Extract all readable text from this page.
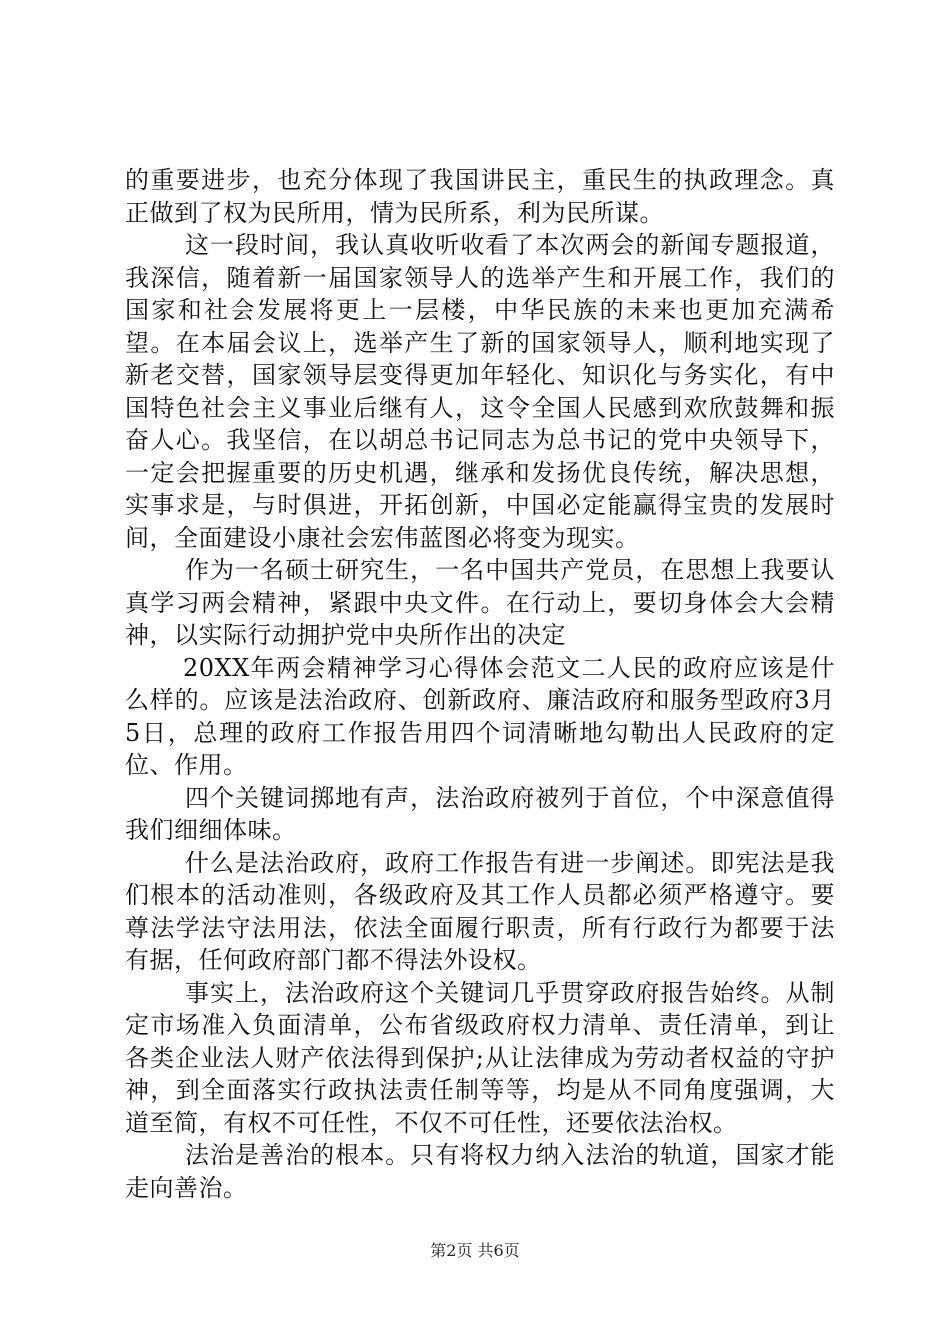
的重要进步，也充分体现了我国讲民主，重民生的执政理念。真正做到了权为民所用，情为民所系，利为民所谋。

这一段时间，我认真收听收看了本次两会的新闻专题报道，我深信，随着新一届国家领导人的选举产生和开展工作，我们的国家和社会发展将更上一层楼，中华民族的未来也更加充满希望。在本届会议上，选举产生了新的国家领导人，顺利地实现了新老交替，国家领导层变得更加年轻化、知识化与务实化，有中国特色社会主义事业后继有人，这令全国人民感到欢欣鼓舞和振奋人心。我坚信，在以胡总书记同志为总书记的党中央领导下，一定会把握重要的历史机遇，继承和发扬优良传统，解决思想，实事求是，与时俱进，开拓创新，中国必定能赢得宝贵的发展时间，全面建设小康社会宏伟蓝图必将变为现实。

作为一名硕士研究生，一名中国共产党员，在思想上我要认真学习两会精神，紧跟中央文件。在行动上，要切身体会大会精神，以实际行动拥护党中央所作出的决定

20XX年两会精神学习心得体会范文二人民的政府应该是什么样的。应该是法治政府、创新政府、廉洁政府和服务型政府3月5日，总理的政府工作报告用四个词清晰地勾勒出人民政府的定位、作用。

四个关键词掷地有声，法治政府被列于首位，个中深意值得我们细细体味。

什么是法治政府，政府工作报告有进一步阐述。即宪法是我们根本的活动准则，各级政府及其工作人员都必须严格遵守。要尊法学法守法用法，依法全面履行职责，所有行政行为都要于法有据，任何政府部门都不得法外设权。

事实上，法治政府这个关键词几乎贯穿政府报告始终。从制定市场准入负面清单，公布省级政府权力清单、责任清单，到让各类企业法人财产依法得到保护;从让法律成为劳动者权益的守护神，到全面落实行政执法责任制等等，均是从不同角度强调，大道至简，有权不可任性，不仅不可任性，还要依法治权。

法治是善治的根本。只有将权力纳入法治的轨道，国家才能走向善治。

第2页 共6页
